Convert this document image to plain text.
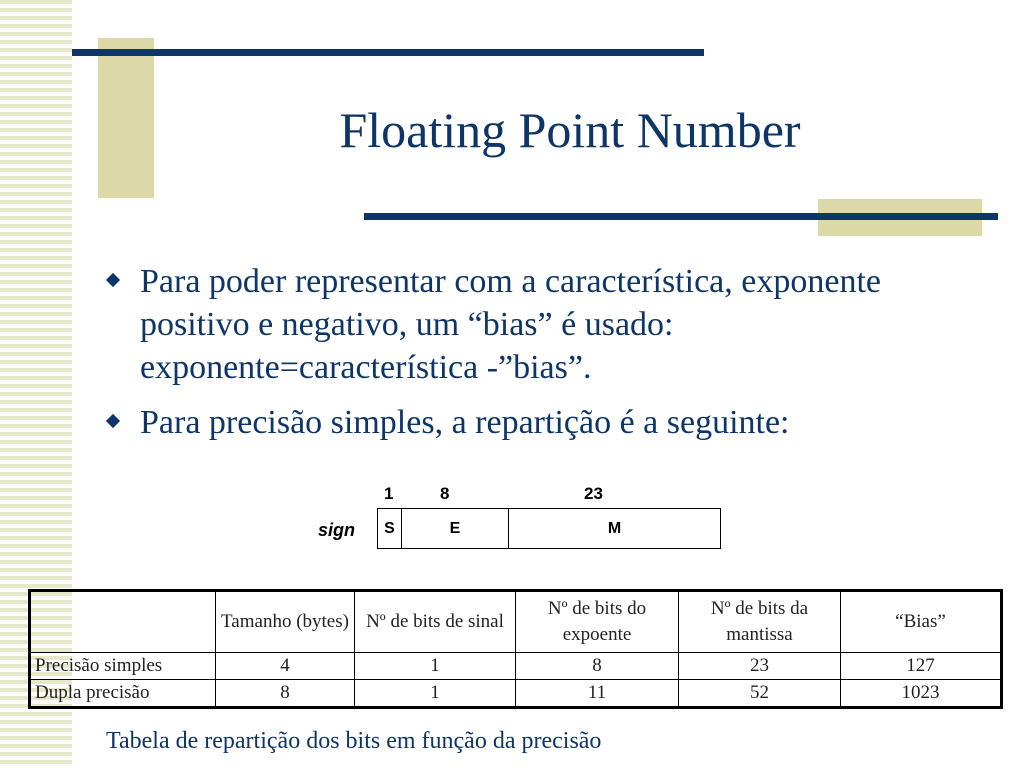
Floating Point Number
Para poder representar com a característica, exponente positivo e negativo, um “bias” é usado: exponente=característica -”bias”.
Para precisão simples, a repartição é a seguinte:
1	8	23
sign	S	E	M
	Tamanho (bytes)	Nº de bits de sinal	Nº de bits do expoente	Nº de bits da mantissa	“Bias”
Precisão simples	4	1	8	23	127
Dupla precisão	8	1	11	52	1023
Tabela de repartição dos bits em função da precisão
